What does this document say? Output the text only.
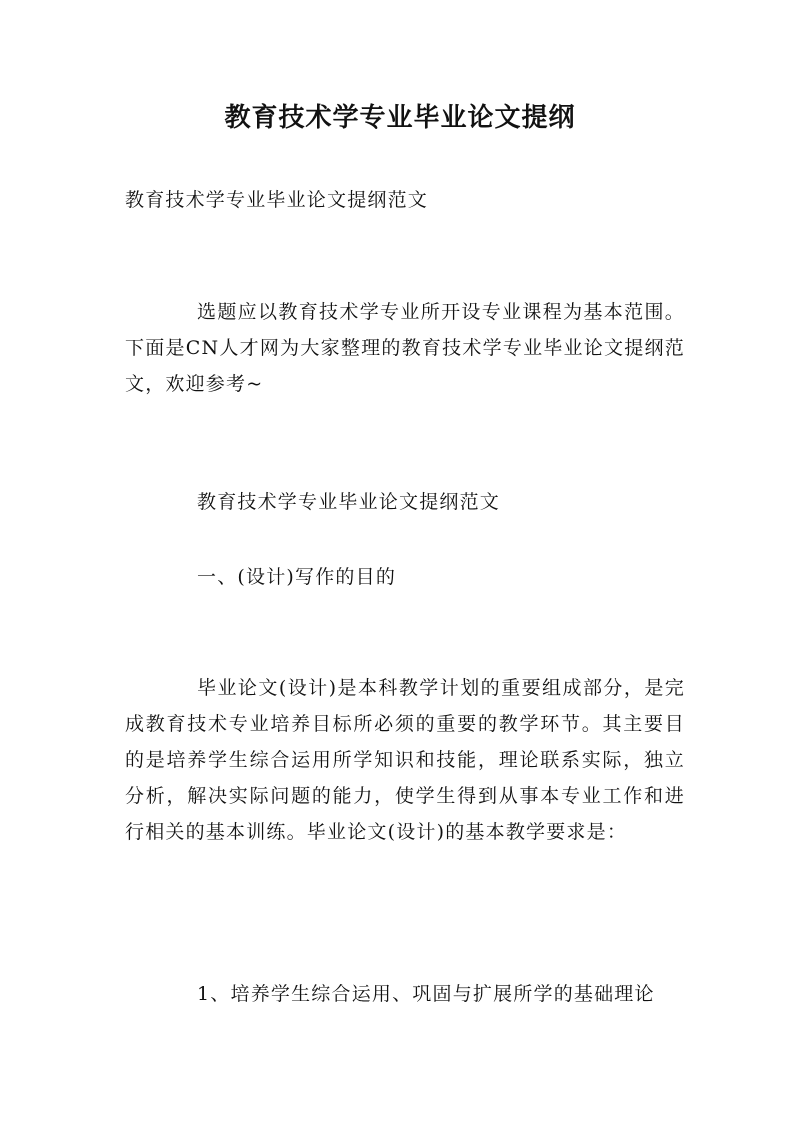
教育技术学专业毕业论文提纲
教育技术学专业毕业论文提纲范文
选题应以教育技术学专业所开设专业课程为基本范围。下面是CN人才网为大家整理的教育技术学专业毕业论文提纲范文，欢迎参考~
教育技术学专业毕业论文提纲范文
一、(设计)写作的目的
毕业论文(设计)是本科教学计划的重要组成部分，是完成教育技术专业培养目标所必须的重要的教学环节。其主要目的是培养学生综合运用所学知识和技能，理论联系实际，独立分析，解决实际问题的能力，使学生得到从事本专业工作和进行相关的基本训练。毕业论文(设计)的基本教学要求是：
1、培养学生综合运用、巩固与扩展所学的基础理论
